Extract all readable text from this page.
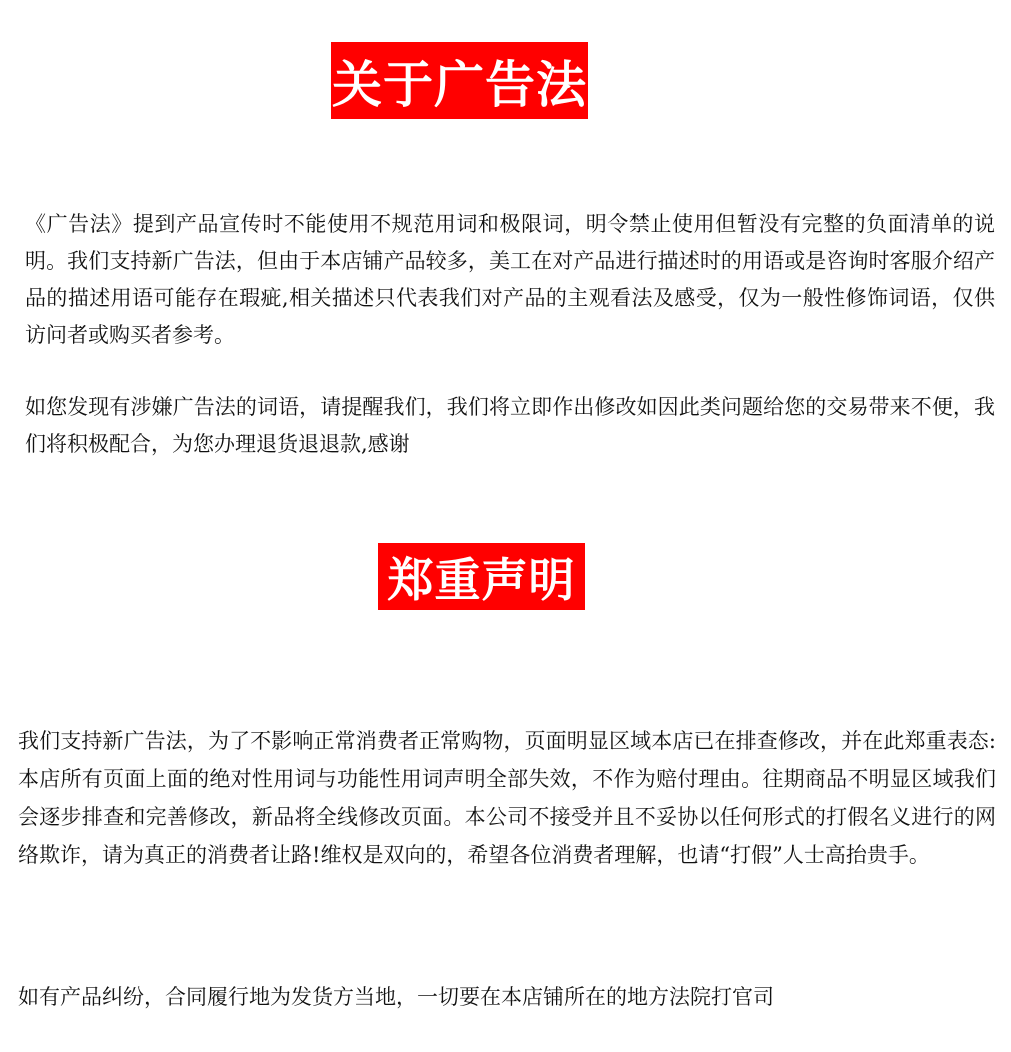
关于广告法

《广告法》提到产品宣传时不能使用不规范用词和极限词，明令禁止使用但暂没有完整的负面清单的说明。我们支持新广告法，但由于本店铺产品较多，美工在对产品进行描述时的用语或是咨询时客服介绍产品的描述用语可能存在瑕疵,相关描述只代表我们对产品的主观看法及感受，仅为一般性修饰词语，仅供访问者或购买者参考。

如您发现有涉嫌广告法的词语，请提醒我们，我们将立即作出修改如因此类问题给您的交易带来不便，我们将积极配合，为您办理退货退退款,感谢

郑重声明

我们支持新广告法，为了不影响正常消费者正常购物，页面明显区域本店已在排查修改，并在此郑重表态:本店所有页面上面的绝对性用词与功能性用词声明全部失效，不作为赔付理由。往期商品不明显区域我们会逐步排查和完善修改，新品将全线修改页面。本公司不接受并且不妥协以任何形式的打假名义进行的网络欺诈，请为真正的消费者让路!维权是双向的，希望各位消费者理解，也请“打假”人士高抬贵手。

如有产品纠纷，合同履行地为发货方当地，一切要在本店铺所在的地方法院打官司
